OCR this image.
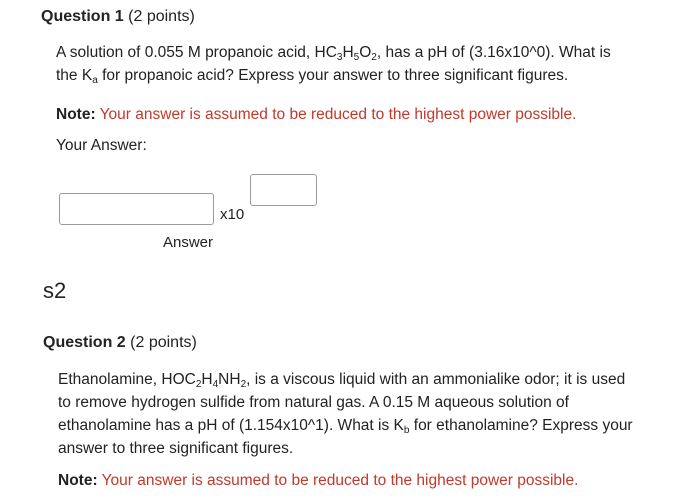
Question 1 (2 points)
A solution of 0.055 M propanoic acid, $HC_3H_5O_2$, has a pH of (3.16x10^0). What is
the $K_a$ for propanoic acid? Express your answer to three significant figures.
Note: Your answer is assumed to be reduced to the highest power possible.
Your Answer:
x10
Answer
s2
Question 2 (2 points)
Ethanolamine, $HOC_2H_4NH_2$, is a viscous liquid with an ammonialike odor; it is used
to remove hydrogen sulfide from natural gas. A 0.15 M aqueous solution of
ethanolamine has a pH of (1.154x10^1). What is $K_b$ for ethanolamine? Express your
answer to three significant figures.
Note: Your answer is assumed to be reduced to the highest power possible.
